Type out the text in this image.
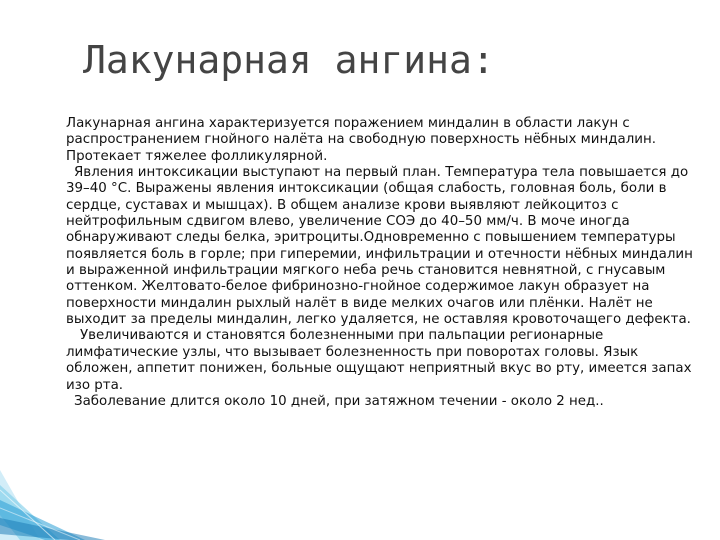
Лакунарная ангина:

Лакунарная ангина характеризуется поражением миндалин в области лакун с распространением гнойного налёта на свободную поверхность нёбных миндалин. Протекает тяжелее фолликулярной.

Явления интоксикации выступают на первый план. Температура тела повышается до 39–40 °С. Выражены явления интоксикации (общая слабость, головная боль, боли в сердце, суставах и мышцах). В общем анализе крови выявляют лейкоцитоз с нейтрофильным сдвигом влево, увеличение СОЭ до 40–50 мм/ч. В моче иногда обнаруживают следы белка, эритроциты.Одновременно с повышением температуры появляется боль в горле; при гиперемии, инфильтрации и отечности нёбных миндалин и выраженной инфильтрации мягкого неба речь становится невнятной, с гнусавым оттенком. Желтовато-белое фибринозно-гнойное содержимое лакун образует на поверхности миндалин рыхлый налёт в виде мелких очагов или плёнки. Налёт не выходит за пределы миндалин, легко удаляется, не оставляя кровоточащего дефекта.

Увеличиваются и становятся болезненными при пальпации регионарные лимфатические узлы, что вызывает болезненность при поворотах головы. Язык обложен, аппетит понижен, больные ощущают неприятный вкус во рту, имеется запах изо рта.

Заболевание длится около 10 дней, при затяжном течении - около 2 нед..
